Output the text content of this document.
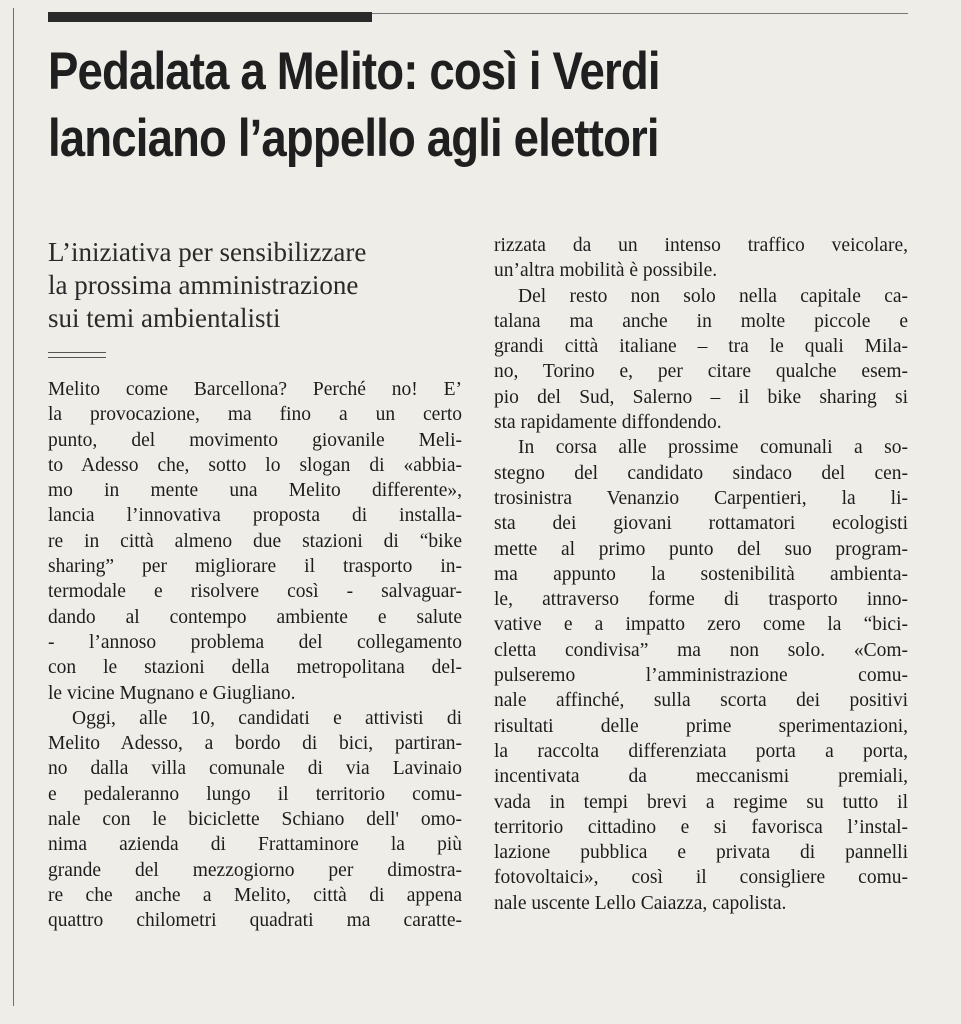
Pedalata a Melito: così i Verdi
lanciano l’appello agli elettori
L’iniziativa per sensibilizzare
la prossima amministrazione
sui temi ambientalisti
Melito come Barcellona? Perché no! E’
la provocazione, ma fino a un certo
punto, del movimento giovanile Meli-
to Adesso che, sotto lo slogan di «abbia-
mo in mente una Melito differente»,
lancia l’innovativa proposta di installa-
re in città almeno due stazioni di “bike
sharing” per migliorare il trasporto in-
termodale e risolvere così - salvaguar-
dando al contempo ambiente e salute
- l’annoso problema del collegamento
con le stazioni della metropolitana del-
le vicine Mugnano e Giugliano.
Oggi, alle 10, candidati e attivisti di
Melito Adesso, a bordo di bici, partiran-
no dalla villa comunale di via Lavinaio
e pedaleranno lungo il territorio comu-
nale con le biciclette Schiano dell' omo-
nima azienda di Frattaminore la più
grande del mezzogiorno per dimostra-
re che anche a Melito, città di appena
quattro chilometri quadrati ma caratte-
rizzata da un intenso traffico veicolare,
un’altra mobilità è possibile.
Del resto non solo nella capitale ca-
talana ma anche in molte piccole e
grandi città italiane – tra le quali Mila-
no, Torino e, per citare qualche esem-
pio del Sud, Salerno – il bike sharing si
sta rapidamente diffondendo.
In corsa alle prossime comunali a so-
stegno del candidato sindaco del cen-
trosinistra Venanzio Carpentieri, la li-
sta dei giovani rottamatori ecologisti
mette al primo punto del suo program-
ma appunto la sostenibilità ambienta-
le, attraverso forme di trasporto inno-
vative e a impatto zero come la “bici-
cletta condivisa” ma non solo. «Com-
pulseremo l’amministrazione comu-
nale affinché, sulla scorta dei positivi
risultati delle prime sperimentazioni,
la raccolta differenziata porta a porta,
incentivata da meccanismi premiali,
vada in tempi brevi a regime su tutto il
territorio cittadino e si favorisca l’instal-
lazione pubblica e privata di pannelli
fotovoltaici», così il consigliere comu-
nale uscente Lello Caiazza, capolista.
